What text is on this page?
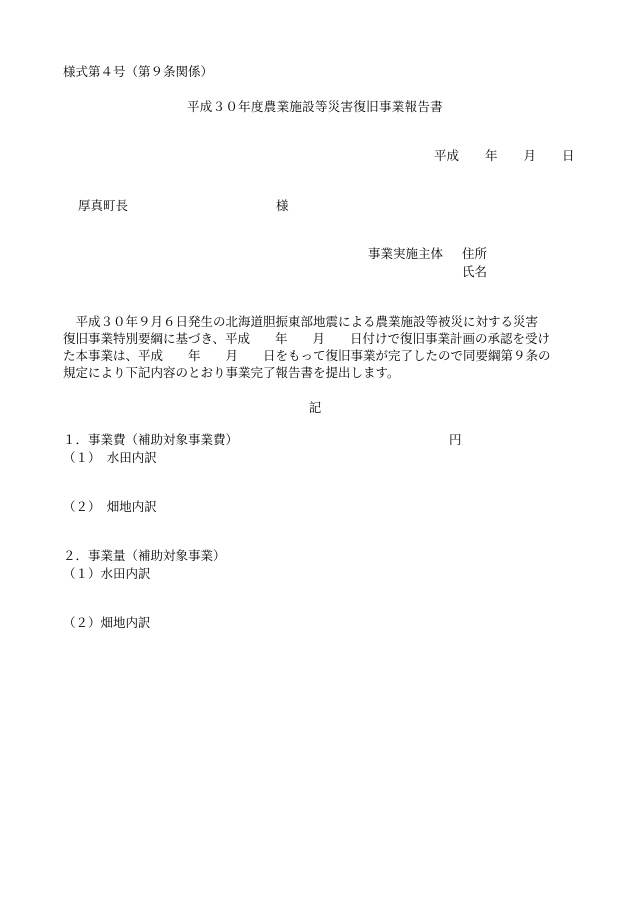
様式第４号（第９条関係）
平成３０年度農業施設等災害復旧事業報告書
平成 年 月 日
厚真町長	様
事業実施主体 住所
氏名

　平成３０年９月６日発生の北海道胆振東部地震による農業施設等被災に対する災害

復旧事業特別要綱に基づき、平成　　年　　月　　日付けで復旧事業計画の承認を受け

た本事業は、平成　　年　　月　　日をもって復旧事業が完了したので同要綱第９条の

規定により下記内容のとおり事業完了報告書を提出します。

記
１．事業費（補助対象事業費）	円
（１）　水田内訳
（２）　畑地内訳
２．事業量（補助対象事業）
（１）水田内訳
（２）畑地内訳
